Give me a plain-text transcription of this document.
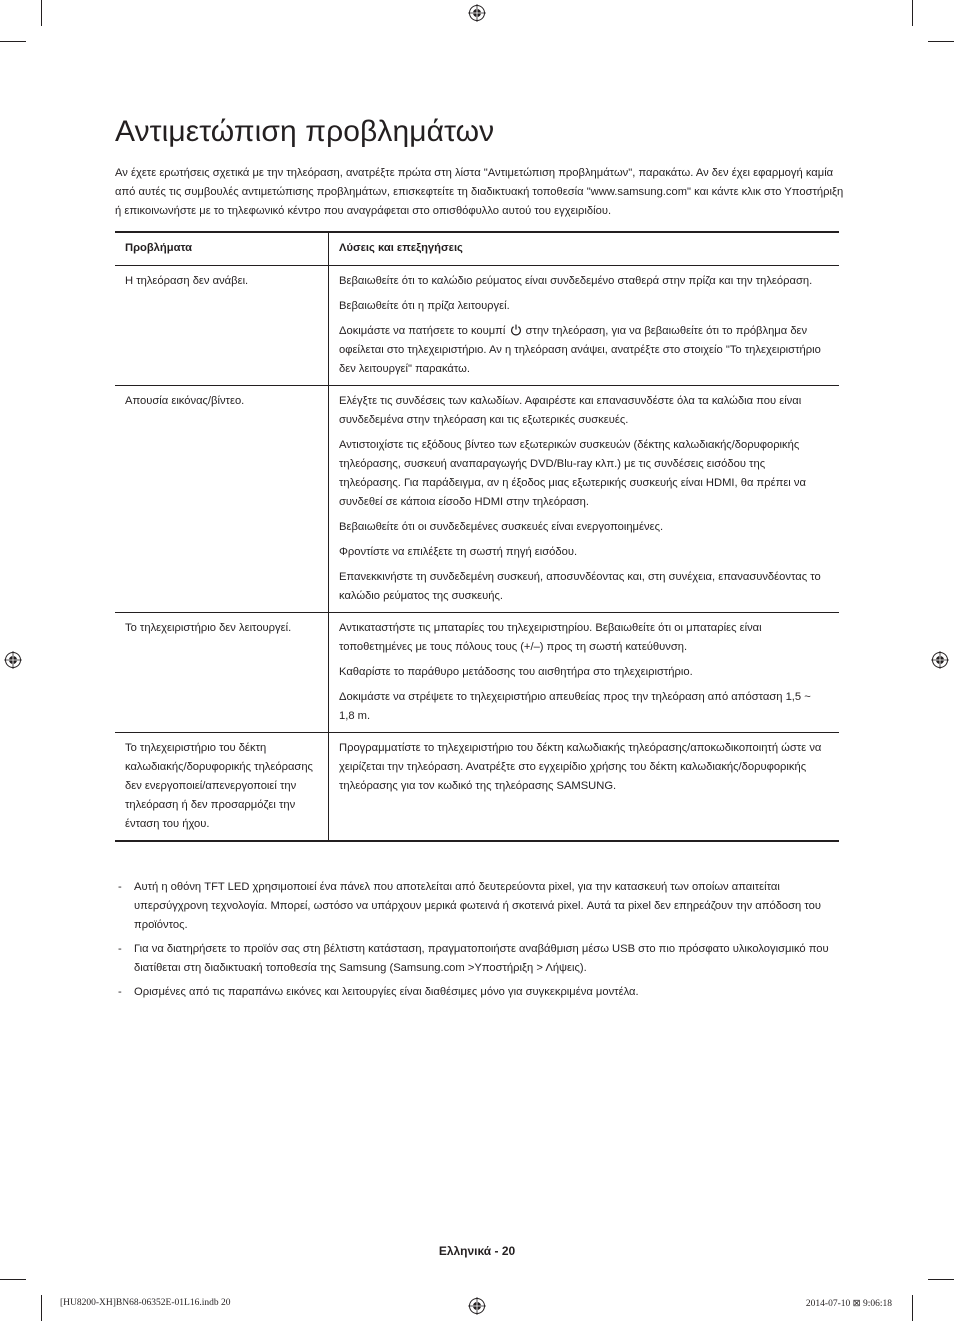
Αντιμετώπιση προβλημάτων

Αν έχετε ερωτήσεις σχετικά με την τηλεόραση, ανατρέξτε πρώτα στη λίστα "Αντιμετώπιση προβλημάτων", παρακάτω. Αν δεν έχει εφαρμογή καμία από αυτές τις συμβουλές αντιμετώπισης προβλημάτων, επισκεφτείτε τη διαδικτυακή τοποθεσία "www.samsung.com" και κάντε κλικ στο Υποστήριξη ή επικοινωνήστε με το τηλεφωνικό κέντρο που αναγράφεται στο οπισθόφυλλο αυτού του εγχειριδίου.

Προβλήματα	Λύσεις και επεξηγήσεις
Η τηλεόραση δεν ανάβει.	Βεβαιωθείτε ότι το καλώδιο ρεύματος είναι συνδεδεμένο σταθερά στην πρίζα και την τηλεόραση.

Βεβαιωθείτε ότι η πρίζα λειτουργεί.

Δοκιμάστε να πατήσετε το κουμπί στην τηλεόραση, για να βεβαιωθείτε ότι το πρόβλημα δεν οφείλεται στο τηλεχειριστήριο. Αν η τηλεόραση ανάψει, ανατρέξτε στο στοιχείο "Το τηλεχειριστήριο δεν λειτουργεί" παρακάτω.

Απουσία εικόνας/βίντεο.	Ελέγξτε τις συνδέσεις των καλωδίων. Αφαιρέστε και επανασυνδέστε όλα τα καλώδια που είναι συνδεδεμένα στην τηλεόραση και τις εξωτερικές συσκευές.

Αντιστοιχίστε τις εξόδους βίντεο των εξωτερικών συσκευών (δέκτης καλωδιακής/δορυφορικής τηλεόρασης, συσκευή αναπαραγωγής DVD/Blu-ray κλπ.) με τις συνδέσεις εισόδου της τηλεόρασης. Για παράδειγμα, αν η έξοδος μιας εξωτερικής συσκευής είναι HDMI, θα πρέπει να συνδεθεί σε κάποια είσοδο HDMI στην τηλεόραση.

Βεβαιωθείτε ότι οι συνδεδεμένες συσκευές είναι ενεργοποιημένες.

Φροντίστε να επιλέξετε τη σωστή πηγή εισόδου.

Επανεκκινήστε τη συνδεδεμένη συσκευή, αποσυνδέοντας και, στη συνέχεια, επανασυνδέοντας το καλώδιο ρεύματος της συσκευής.

Το τηλεχειριστήριο δεν λειτουργεί.	Αντικαταστήστε τις μπαταρίες του τηλεχειριστηρίου. Βεβαιωθείτε ότι οι μπαταρίες είναι τοποθετημένες με τους πόλους τους (+/–) προς τη σωστή κατεύθυνση.

Καθαρίστε το παράθυρο μετάδοσης του αισθητήρα στο τηλεχειριστήριο.

Δοκιμάστε να στρέψετε το τηλεχειριστήριο απευθείας προς την τηλεόραση από απόσταση 1,5 ~ 1,8 m.

Το τηλεχειριστήριο του δέκτη καλωδιακής/δορυφορικής τηλεόρασης δεν ενεργοποιεί/απενεργοποιεί την τηλεόραση ή δεν προσαρμόζει την ένταση του ήχου.	Προγραμματίστε το τηλεχειριστήριο του δέκτη καλωδιακής τηλεόρασης/αποκωδικοποιητή ώστε να χειρίζεται την τηλεόραση. Ανατρέξτε στο εγχειρίδιο χρήσης του δέκτη καλωδιακής/δορυφορικής τηλεόρασης για τον κωδικό της τηλεόρασης SAMSUNG.

- Αυτή η οθόνη TFT LED χρησιμοποιεί ένα πάνελ που αποτελείται από δευτερεύοντα pixel, για την κατασκευή των οποίων απαιτείται υπερσύγχρονη τεχνολογία. Μπορεί, ωστόσο να υπάρχουν μερικά φωτεινά ή σκοτεινά pixel. Αυτά τα pixel δεν επηρεάζουν την απόδοση του προϊόντος.
- Για να διατηρήσετε το προϊόν σας στη βέλτιστη κατάσταση, πραγματοποιήστε αναβάθμιση μέσω USB στο πιο πρόσφατο υλικολογισμικό που διατίθεται στη διαδικτυακή τοποθεσία της Samsung (Samsung.com >Υποστήριξη > Λήψεις).
- Ορισμένες από τις παραπάνω εικόνες και λειτουργίες είναι διαθέσιμες μόνο για συγκεκριμένα μοντέλα.
Ελληνικά - 20
[HU8200-XH]BN68-06352E-01L16.indb 20	2014-07-10 ⊠ 9:06:18
